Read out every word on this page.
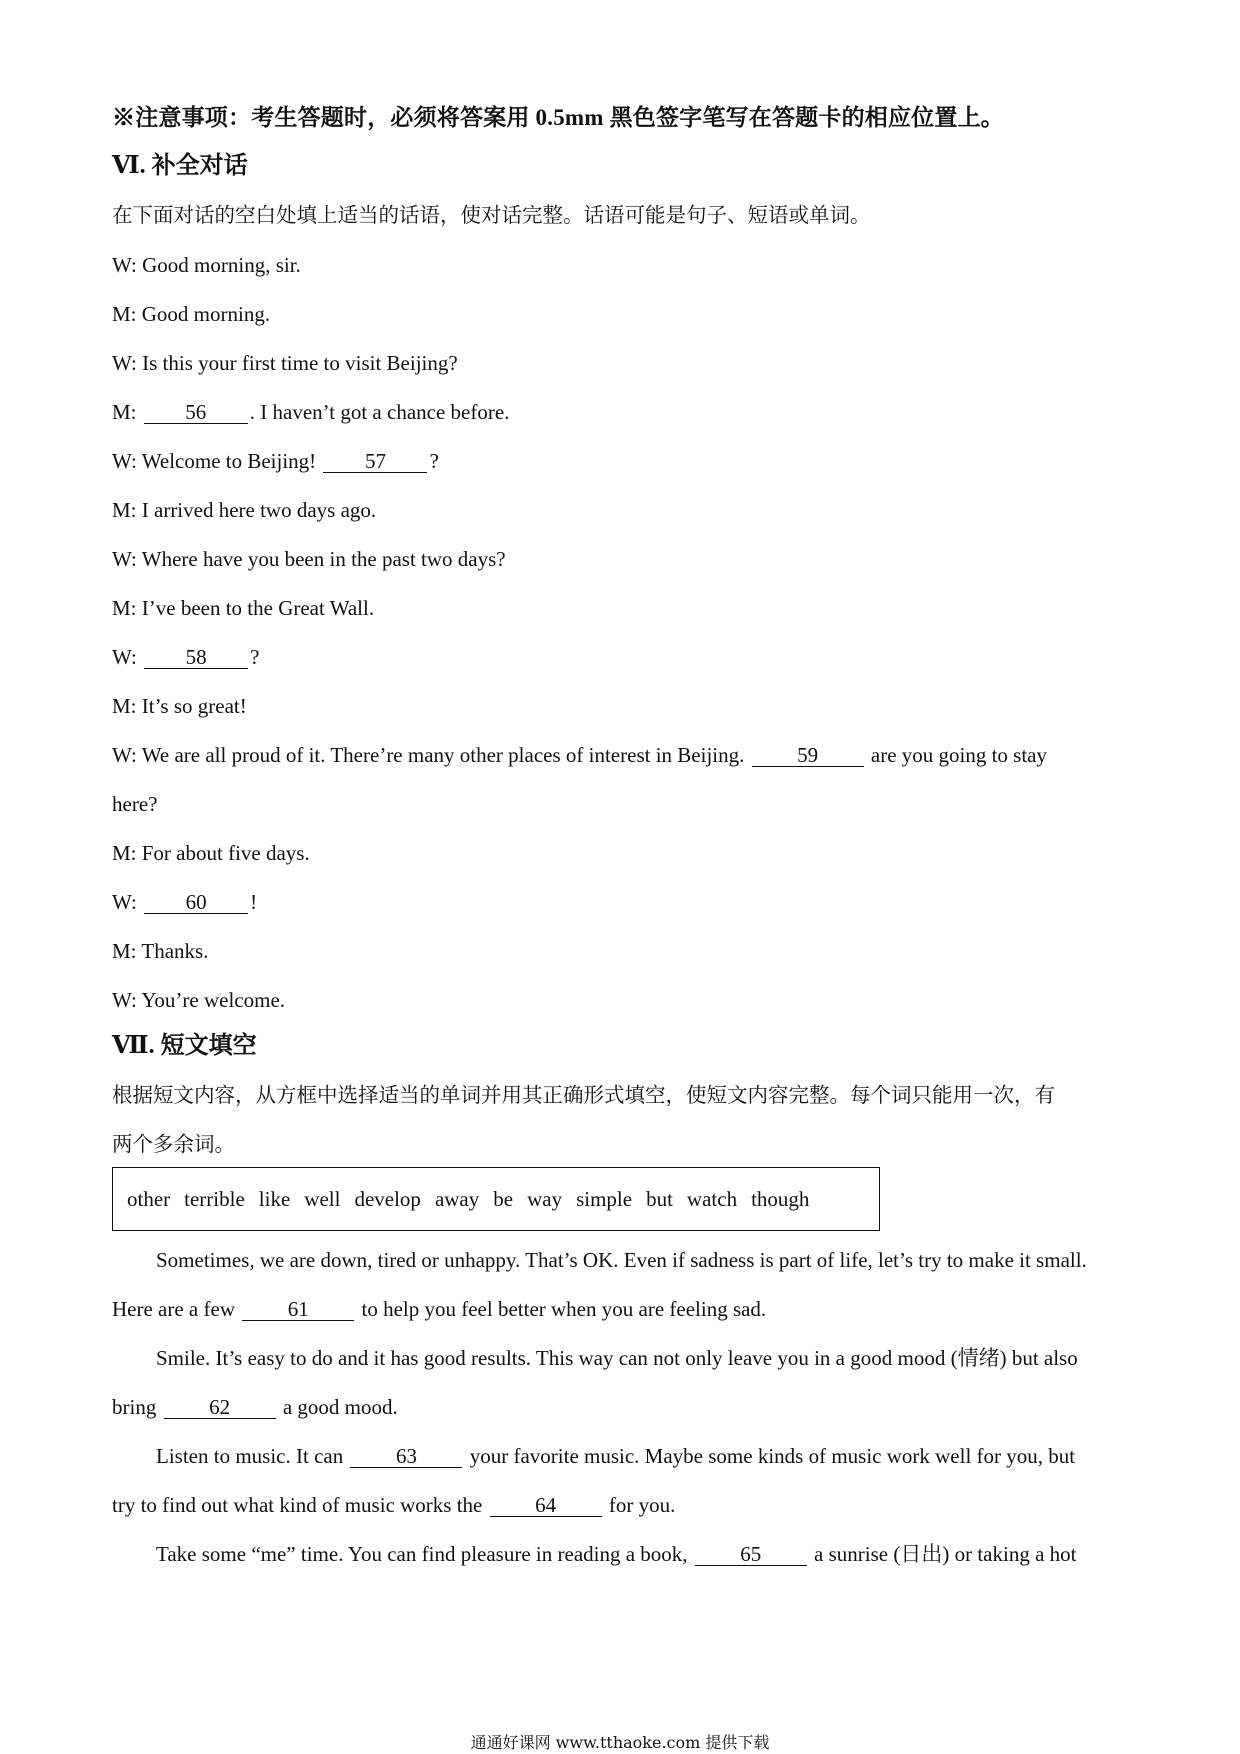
※注意事项：考生答题时，必须将答案用 0.5mm 黑色签字笔写在答题卡的相应位置上。
Ⅵ. 补全对话
在下面对话的空白处填上适当的话语，使对话完整。话语可能是句子、短语或单词。
W: Good morning, sir.
M: Good morning.
W: Is this your first time to visit Beijing?
M: 56 . I haven’t got a chance before.
W: Welcome to Beijing! 57 ?
M: I arrived here two days ago.
W: Where have you been in the past two days?
M: I’ve been to the Great Wall.
W: 58 ?
M: It’s so great!
W: We are all proud of it. There’re many other places of interest in Beijing. 59 are you going to stay
here?
M: For about five days.
W: 60 !
M: Thanks.
W: You’re welcome.
Ⅶ. 短文填空
根据短文内容，从方框中选择适当的单词并用其正确形式填空，使短文内容完整。每个词只能用一次，有
两个多余词。
other terrible like well develop away be way simple but watch though
Sometimes, we are down, tired or unhappy. That’s OK. Even if sadness is part of life, let’s try to make it small.
Here are a few 61 to help you feel better when you are feeling sad.
Smile. It’s easy to do and it has good results. This way can not only leave you in a good mood (情绪) but also
bring 62 a good mood.
Listen to music. It can 63 your favorite music. Maybe some kinds of music work well for you, but
try to find out what kind of music works the 64 for you.
Take some “me” time. You can find pleasure in reading a book, 65 a sunrise (日出) or taking a hot
通通好课网 www.tthaoke.com 提供下载
